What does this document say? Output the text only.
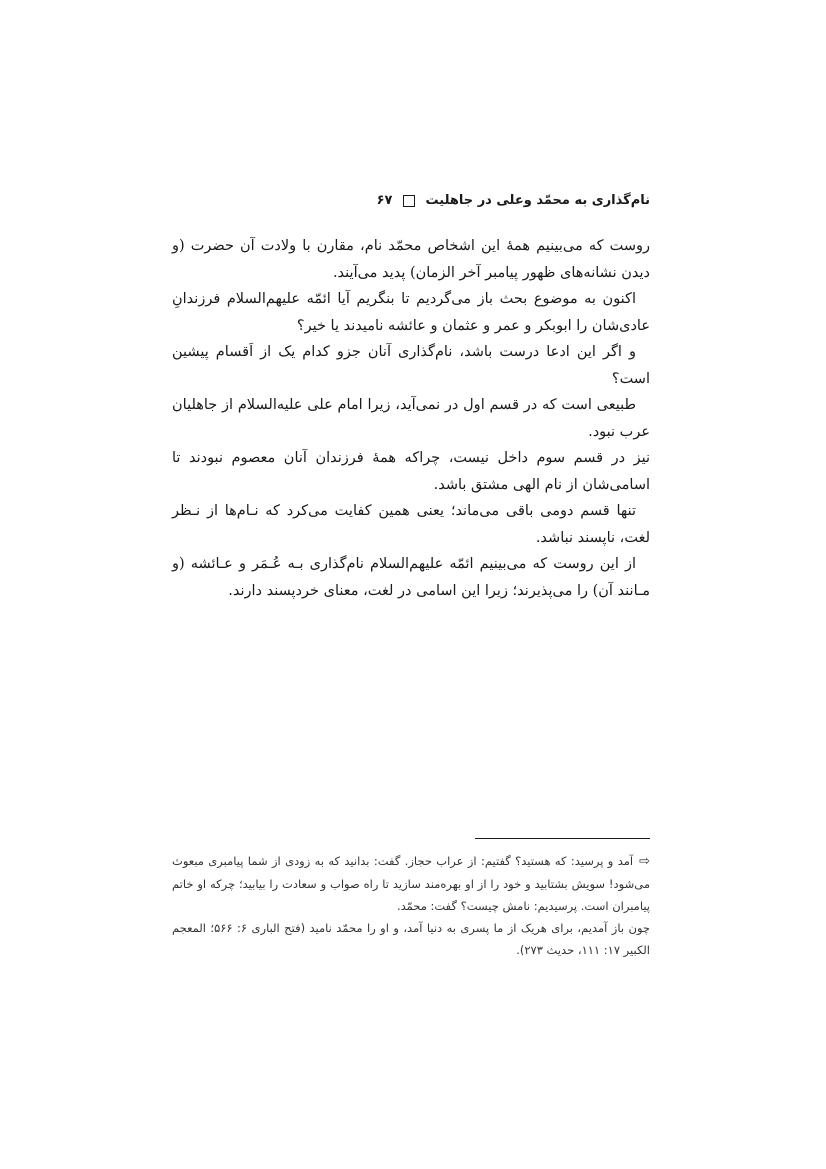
نام‌گذاری به محمّد وعلی در جاهلیت  ۶۷

روست که می‌بینیم همهٔ این اشخاص محمّد نام، مقارن با ولادت آن حضرت (و دیدن نشانه‌های ظهور پیامبر آخر الزمان) پدید می‌آیند.

اکنون به موضوع بحث باز می‌گردیم تا بنگریم آیا ائمّه علیهم‌السلام فرزندانِ عادی‌شان را ابوبکر و عمر و عثمان و عائشه نامیدند یا خیر؟

و اگر این ادعا درست باشد، نام‌گذاری آنان جزو کدام یک از اَقسام پیشین است؟

طبیعی است که در قسم اول در نمی‌آید، زیرا امام علی علیه‌السلام از جاهلیان عرب نبود.

نیز در قسم سوم داخل نیست، چراکه همهٔ فرزندان آنان معصوم نبودند تا اسامی‌شان از نام الهی مشتق باشد.

تنها قسم دومی باقی می‌ماند؛ یعنی همین کفایت می‌کرد که نـام‌ها از نـظر لغت، ناپسند نباشد.

از این روست که می‌بینیم ائمّه علیهم‌السلام نام‌گذاری بـه عُـمَر و عـائشه (و مـانند آن) را می‌پذیرند؛ زیرا این اسامی در لغت، معنای خردپسند دارند.

⇨آمد و پرسید: که هستید؟ گفتیم: از عراب حجاز. گفت: بدانید که به زودی از شما پیامبری مبعوث می‌شود! سویش بشتابید و خود را از او بهره‌مند سازید تا راه صواب و سعادت را بیابید؛ چرکه او خاتم پیامبران است. پرسیدیم: نامش چیست؟ گفت: محمّد.

چون باز آمدیم، برای هریک از ما پسری به دنیا آمد، و او را محمّد نامید (فتح الباری ۶: ۵۶۶؛ المعجم الکبیر ۱۷: ۱۱۱، حدیث ۲۷۳).
